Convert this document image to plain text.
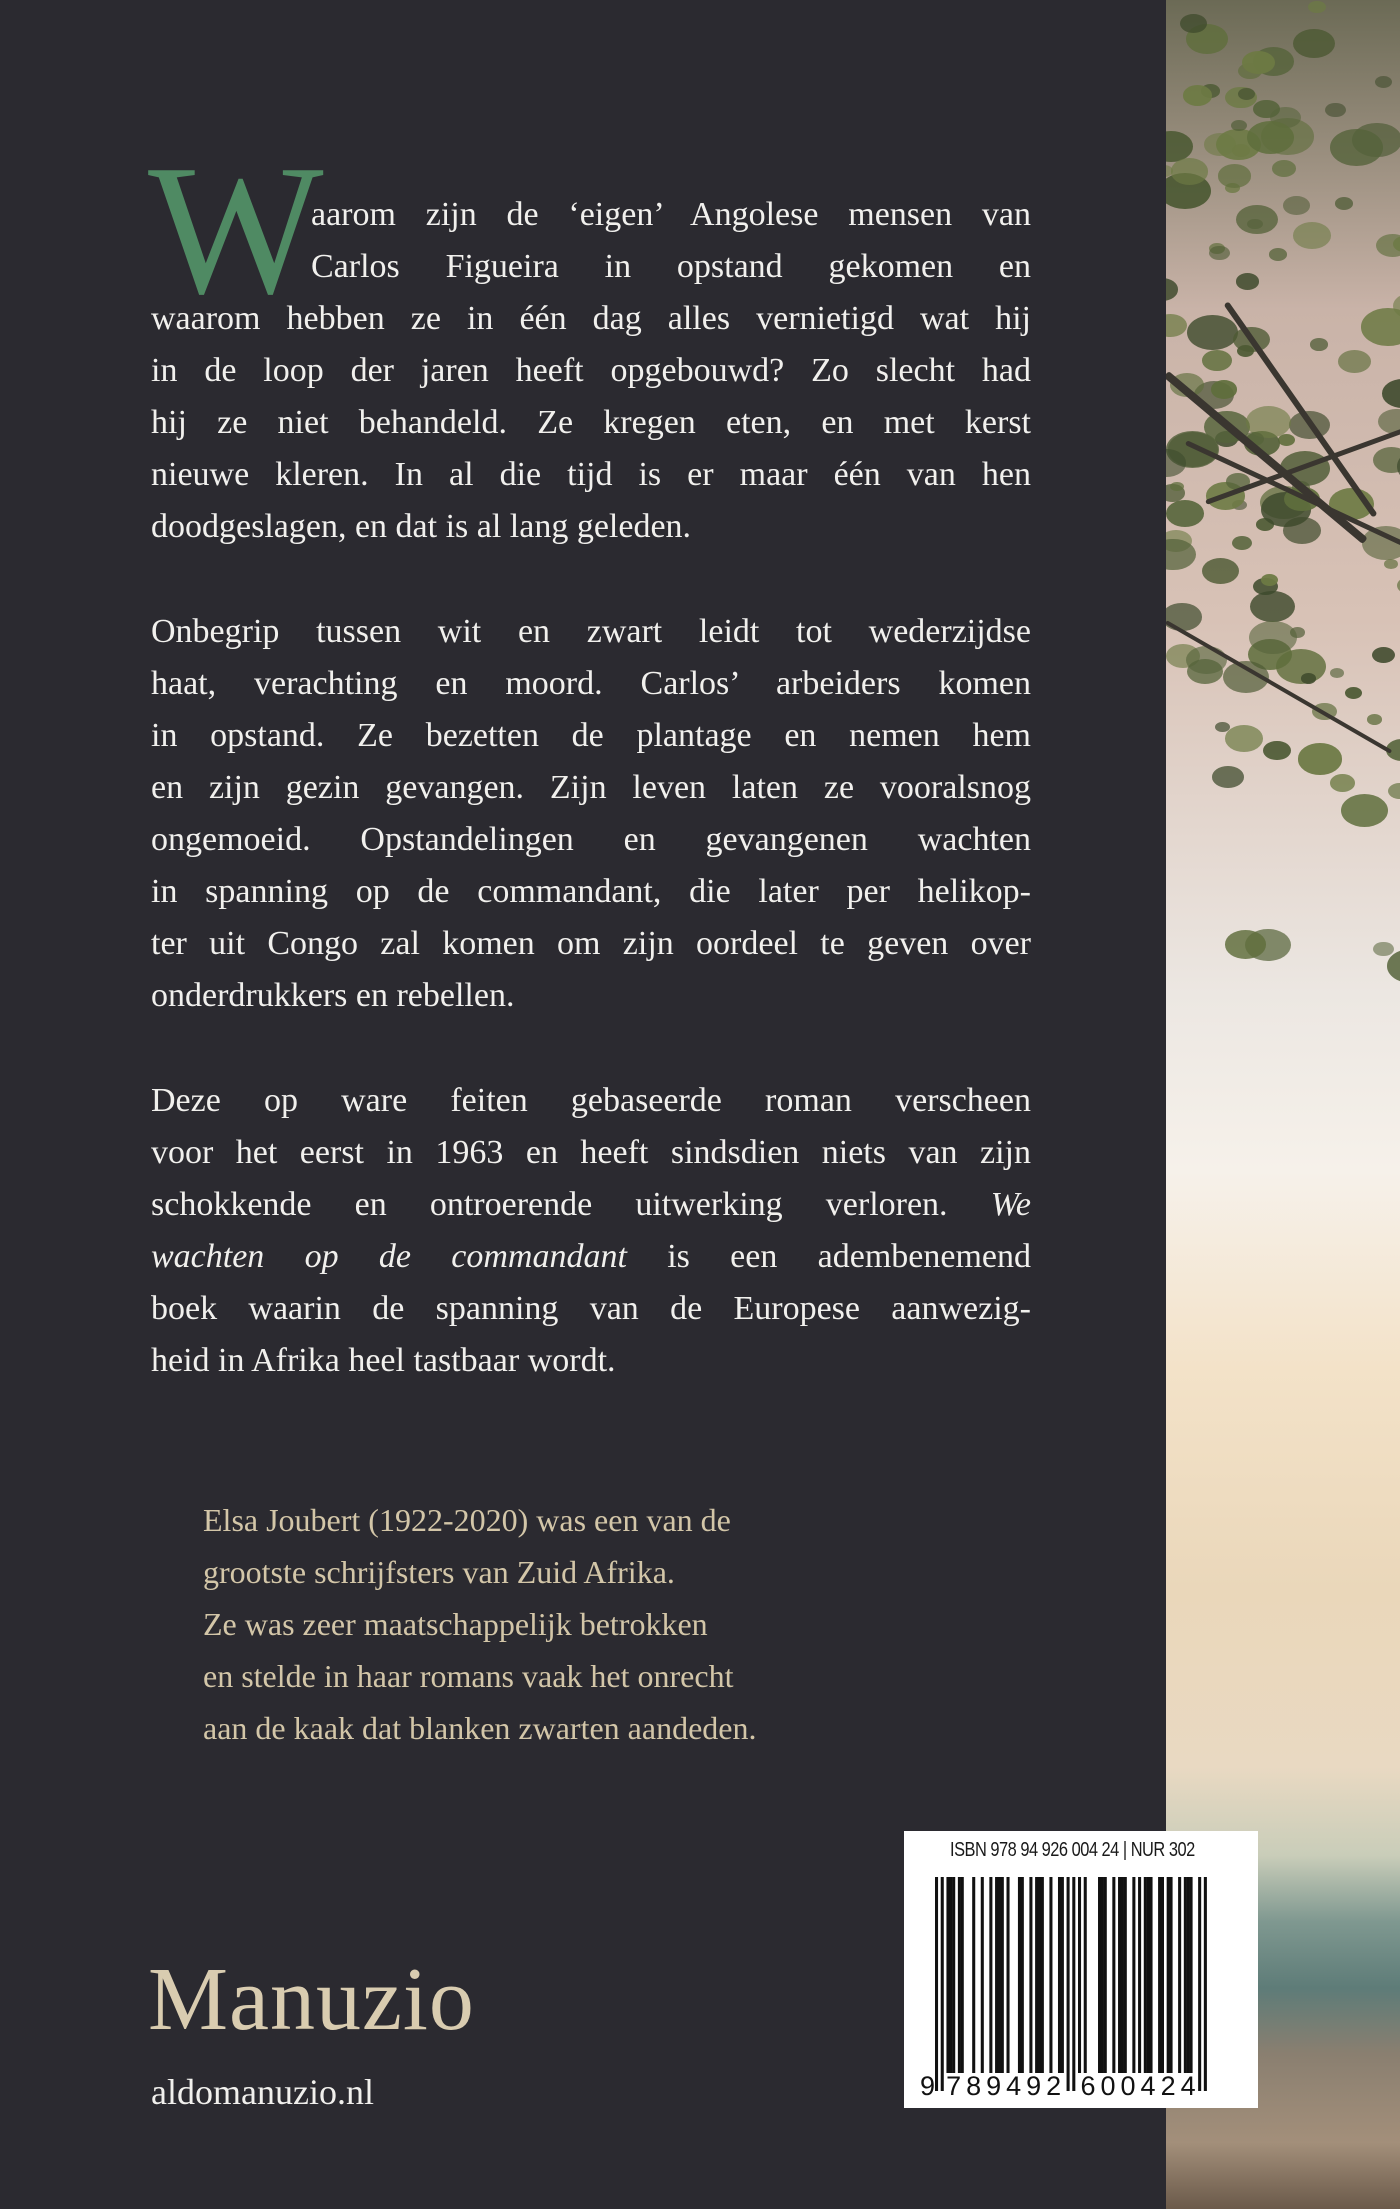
W
aarom zijn de ‘eigen’ Angolese mensen van
Carlos Figueira in opstand gekomen en
waarom hebben ze in één dag alles vernietigd wat hij
in de loop der jaren heeft opgebouwd? Zo slecht had
hij ze niet behandeld. Ze kregen eten, en met kerst
nieuwe kleren. In al die tijd is er maar één van hen
doodgeslagen, en dat is al lang geleden.
Onbegrip tussen wit en zwart leidt tot wederzijdse
haat, verachting en moord. Carlos’ arbeiders komen
in opstand. Ze bezetten de plantage en nemen hem
en zijn gezin gevangen. Zijn leven laten ze vooralsnog
ongemoeid. Opstandelingen en gevangenen wachten
in spanning op de commandant, die later per helikop-
ter uit Congo zal komen om zijn oordeel te geven over
onderdrukkers en rebellen.
Deze op ware feiten gebaseerde roman verscheen
voor het eerst in 1963 en heeft sindsdien niets van zijn
schokkende en ontroerende uitwerking verloren. We
wachten op de commandant is een adembenemend
boek waarin de spanning van de Europese aanwezig-
heid in Afrika heel tastbaar wordt.
Elsa Joubert (1922-2020) was een van de
grootste schrijfsters van Zuid Afrika.
Ze was zeer maatschappelijk betrokken
en stelde in haar romans vaak het onrecht
aan de kaak dat blanken zwarten aandeden.
Manuzio
aldomanuzio.nl
ISBN 978 94 926 004 24 | NUR 302
9 7 8 9 4 9 2 6 0 0 4 2 4
